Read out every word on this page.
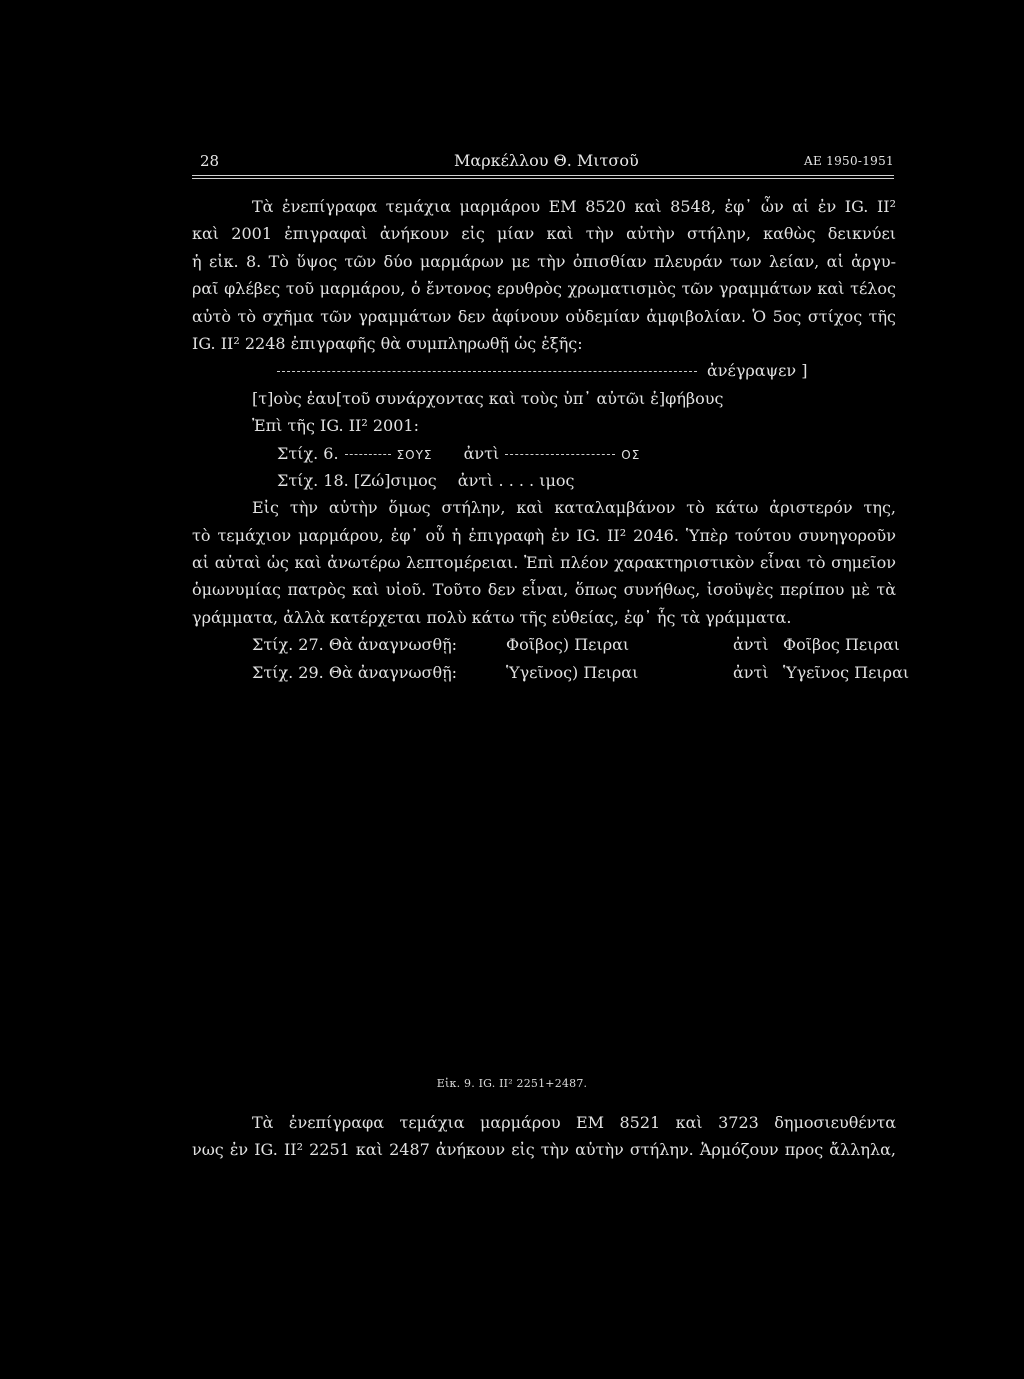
28	Μαρκέλλου Θ. Μιτσοῦ	ΑΕ 1950-1951
Τὰ ἐνεπίγραφα τεμάχια μαρμάρου ΕΜ 8520 καὶ 8548, ἐφ᾽ ὧν αἱ ἐν IG. ΙΙ²
καὶ 2001 ἐπιγραφαὶ ἀνήκουν εἰς μίαν καὶ τὴν αὐτὴν στήλην, καθὼς δεικνύει
ἡ εἰκ. 8. Τὸ ὕψος τῶν δύο μαρμάρων με τὴν ὀπισθίαν πλευράν των λείαν, αἱ ἀργυ-
ραῖ φλέβες τοῦ μαρμάρου, ὁ ἔντονος ερυθρὸς χρωματισμὸς τῶν γραμμάτων καὶ τέλος
αὐτὸ τὸ σχῆμα τῶν γραμμάτων δεν ἀφίνουν οὐδεμίαν ἀμφιβολίαν. Ὁ 5ος στίχος τῆς
IG. ΙΙ² 2248 ἐπιγραφῆς θὰ συμπληρωθῇ ὡς ἑξῆς:
ἀνέγραψεν ]
[τ]οὺς ἑαυ[τοῦ συνάρχοντας καὶ τοὺς ὑπ᾽ αὐτῶι ἐ]φήβους
Ἐπὶ τῆς IG. ΙΙ² 2001:
Στίχ. 6.	ΣΟΥΣ ἀντὶ	ΟΣ
Στίχ. 18. [Ζώ]σιμος ἀντὶ . . . . ιμος
Εἰς τὴν αὐτὴν ὅμως στήλην, καὶ καταλαμβάνον τὸ κάτω ἀριστερόν της,
τὸ τεμάχιον μαρμάρου, ἐφ᾽ οὗ ἡ ἐπιγραφὴ ἐν IG. ΙΙ² 2046. Ὑπὲρ τούτου συνηγοροῦν
αἱ αὐταὶ ὡς καὶ ἀνωτέρω λεπτομέρειαι. Ἐπὶ πλέον χαρακτηριστικὸν εἶναι τὸ σημεῖον
ὁμωνυμίας πατρὸς καὶ υἱοῦ. Τοῦτο δεν εἶναι, ὅπως συνήθως, ἰσοϋψὲς περίπου μὲ τὰ
γράμματα, ἀλλὰ κατέρχεται πολὺ κάτω τῆς εὐθείας, ἐφ᾽ ἧς τὰ γράμματα.
Στίχ. 27. Θὰ ἀναγνωσθῇ:	Φοῖβος) Πειραι	ἀντὶ Φοῖβος Πειραι
Στίχ. 29. Θὰ ἀναγνωσθῇ:	Ὑγεῖνος) Πειραι	ἀντὶ Ὑγεῖνος Πειραι
Εἰκ. 9. IG. ΙΙ² 2251+2487.
Τὰ ἐνεπίγραφα τεμάχια μαρμάρου ΕΜ 8521 καὶ 3723 δημοσιευθέντα
νως ἐν IG. ΙΙ² 2251 καὶ 2487 ἀνήκουν εἰς τὴν αὐτὴν στήλην. Ἁρμόζουν προς ἄλληλα,
